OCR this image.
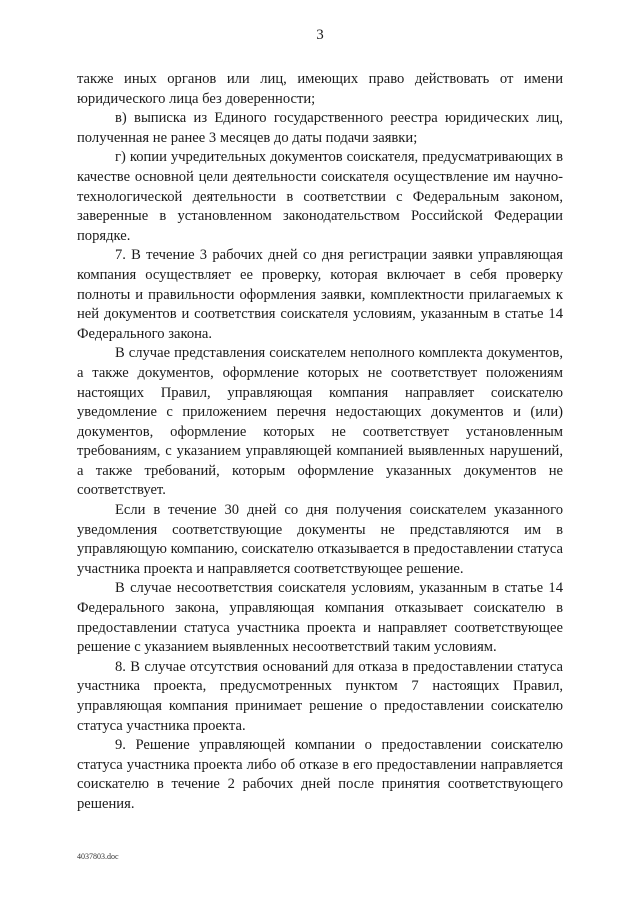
3

также иных органов или лиц, имеющих право действовать от имени юридического лица без доверенности;

в) выписка из Единого государственного реестра юридических лиц, полученная не ранее 3 месяцев до даты подачи заявки;

г) копии учредительных документов соискателя, предусматривающих в качестве основной цели деятельности соискателя осуществление им научно-технологической деятельности в соответствии с Федеральным законом, заверенные в установленном законодательством Российской Федерации порядке.

7. В течение 3 рабочих дней со дня регистрации заявки управляющая компания осуществляет ее проверку, которая включает в себя проверку полноты и правильности оформления заявки, комплектности прилагаемых к ней документов и соответствия соискателя условиям, указанным в статье 14 Федерального закона.

В случае представления соискателем неполного комплекта документов, а также документов, оформление которых не соответствует положениям настоящих Правил, управляющая компания направляет соискателю уведомление с приложением перечня недостающих документов и (или) документов, оформление которых не соответствует установленным требованиям, с указанием управляющей компанией выявленных нарушений, а также требований, которым оформление указанных документов не соответствует.

Если в течение 30 дней со дня получения соискателем указанного уведомления соответствующие документы не представляются им в управляющую компанию, соискателю отказывается в предоставлении статуса участника проекта и направляется соответствующее решение.

В случае несоответствия соискателя условиям, указанным в статье 14 Федерального закона, управляющая компания отказывает соискателю в предоставлении статуса участника проекта и направляет соответствующее решение с указанием выявленных несоответствий таким условиям.

8. В случае отсутствия оснований для отказа в предоставлении статуса участника проекта, предусмотренных пунктом 7 настоящих Правил, управляющая компания принимает решение о предоставлении соискателю статуса участника проекта.

9. Решение управляющей компании о предоставлении соискателю статуса участника проекта либо об отказе в его предоставлении направляется соискателю в течение 2 рабочих дней после принятия соответствующего решения.

4037803.doc
